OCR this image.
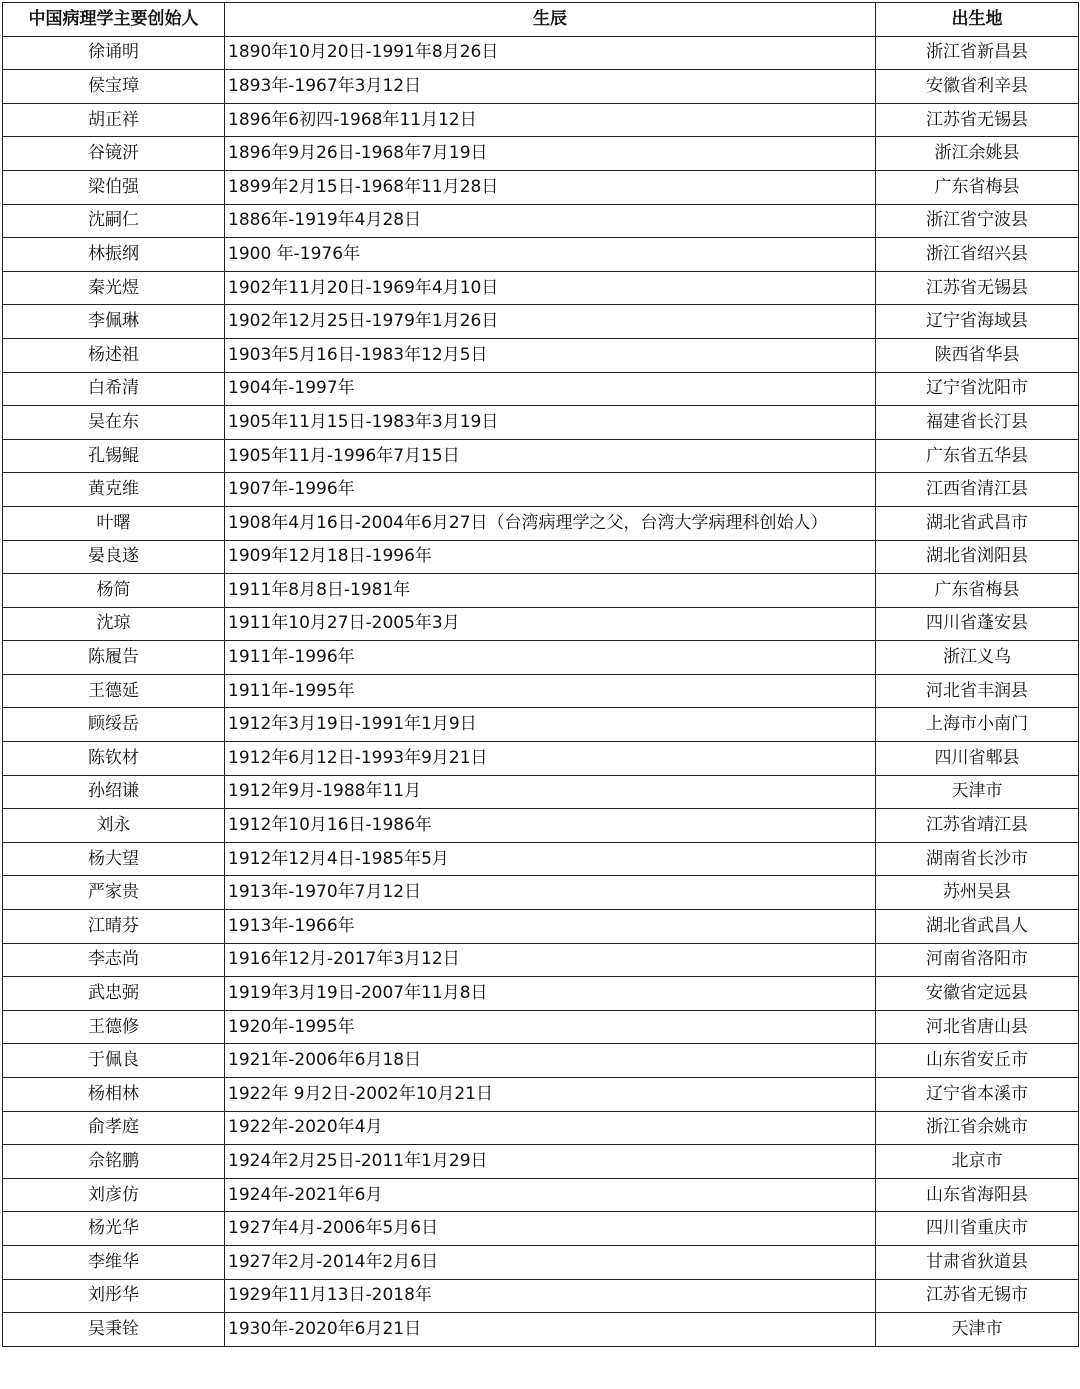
中国病理学主要创始人	生辰	出生地
徐诵明	1890年10月20日-1991年8月26日	浙江省新昌县
侯宝璋	1893年-1967年3月12日	安徽省利辛县
胡正祥	1896年6初四-1968年11月12日	江苏省无锡县
谷镜汧	1896年9月26日-1968年7月19日	浙江余姚县
梁伯强	1899年2月15日-1968年11月28日	广东省梅县
沈嗣仁	1886年-1919年4月28日	浙江省宁波县
林振纲	1900 年-1976年	浙江省绍兴县
秦光煜	1902年11月20日-1969年4月10日	江苏省无锡县
李佩琳	1902年12月25日-1979年1月26日	辽宁省海域县
杨述祖	1903年5月16日-1983年12月5日	陕西省华县
白希清	1904年-1997年	辽宁省沈阳市
吴在东	1905年11月15日-1983年3月19日	福建省长汀县
孔锡鲲	1905年11月-1996年7月15日	广东省五华县
黄克维	1907年-1996年	江西省清江县
叶曙	1908年4月16日-2004年6月27日（台湾病理学之父，台湾大学病理科创始人）	湖北省武昌市
晏良遂	1909年12月18日-1996年	湖北省浏阳县
杨简	1911年8月8日-1981年	广东省梅县
沈琼	1911年10月27日-2005年3月	四川省蓬安县
陈履告	1911年-1996年	浙江义乌
王德延	1911年-1995年	河北省丰润县
顾绥岳	1912年3月19日-1991年1月9日	上海市小南门
陈钦材	1912年6月12日-1993年9月21日	四川省郫县
孙绍谦	1912年9月-1988年11月	天津市
刘永	1912年10月16日-1986年	江苏省靖江县
杨大望	1912年12月4日-1985年5月	湖南省长沙市
严家贵	1913年-1970年7月12日	苏州吴县
江晴芬	1913年-1966年	湖北省武昌人
李志尚	1916年12月-2017年3月12日	河南省洛阳市
武忠弼	1919年3月19日-2007年11月8日	安徽省定远县
王德修	1920年-1995年	河北省唐山县
于佩良	1921年-2006年6月18日	山东省安丘市
杨相林	1922年 9月2日-2002年10月21日	辽宁省本溪市
俞孝庭	1922年-2020年4月	浙江省余姚市
佘铭鹏	1924年2月25日-2011年1月29日	北京市
刘彦仿	1924年-2021年6月	山东省海阳县
杨光华	1927年4月-2006年5月6日	四川省重庆市
李维华	1927年2月-2014年2月6日	甘肃省狄道县
刘彤华	1929年11月13日-2018年	江苏省无锡市
吴秉铨	1930年-2020年6月21日	天津市
